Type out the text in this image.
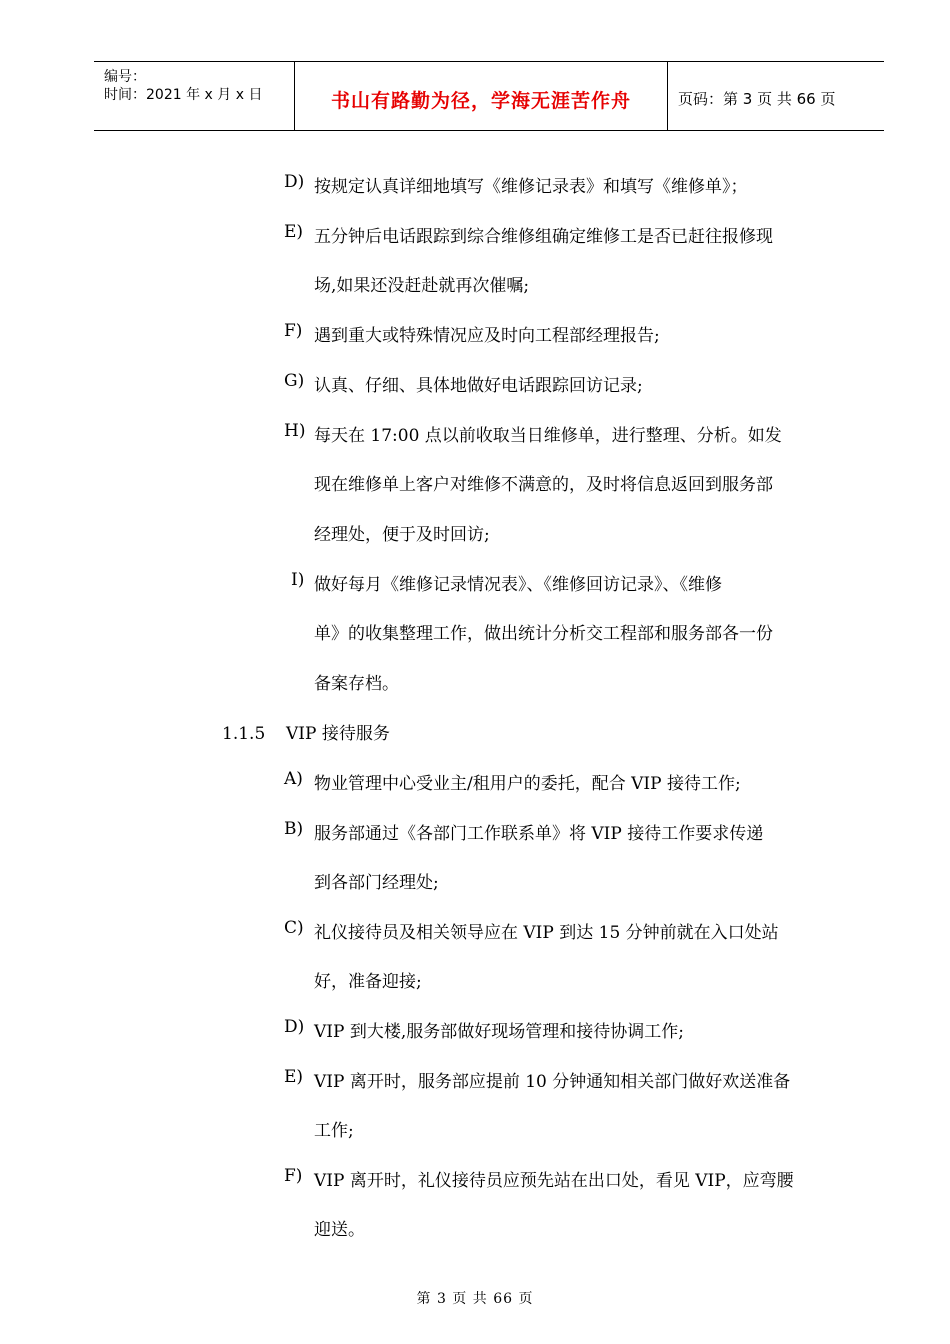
编号：
时间：2021 年 x 月 x 日	书山有路勤为径，学海无涯苦作舟	页码：第 3 页 共 66 页
D) 按规定认真详细地填写《维修记录表》和填写《维修单》；
E) 五分钟后电话跟踪到综合维修组确定维修工是否已赶往报修现
场,如果还没赶赴就再次催嘱;
F) 遇到重大或特殊情况应及时向工程部经理报告;
G) 认真、仔细、具体地做好电话跟踪回访记录;
H) 每天在 17:00 点以前收取当日维修单，进行整理、分析。如发
现在维修单上客户对维修不满意的，及时将信息返回到服务部
经理处，便于及时回访;
I) 做好每月《维修记录情况表》、《维修回访记录》、《维修
单》的收集整理工作，做出统计分析交工程部和服务部各一份
备案存档。
1.1.5 VIP 接待服务
A) 物业管理中心受业主/租用户的委托，配合 VIP 接待工作;
B) 服务部通过《各部门工作联系单》将 VIP 接待工作要求传递
到各部门经理处;
C) 礼仪接待员及相关领导应在 VIP 到达 15 分钟前就在入口处站
好，准备迎接;
D) VIP 到大楼,服务部做好现场管理和接待协调工作;
E) VIP 离开时，服务部应提前 10 分钟通知相关部门做好欢送准备
工作;
F) VIP 离开时，礼仪接待员应预先站在出口处，看见 VIP，应弯腰
迎送。
第 3 页 共 66 页
